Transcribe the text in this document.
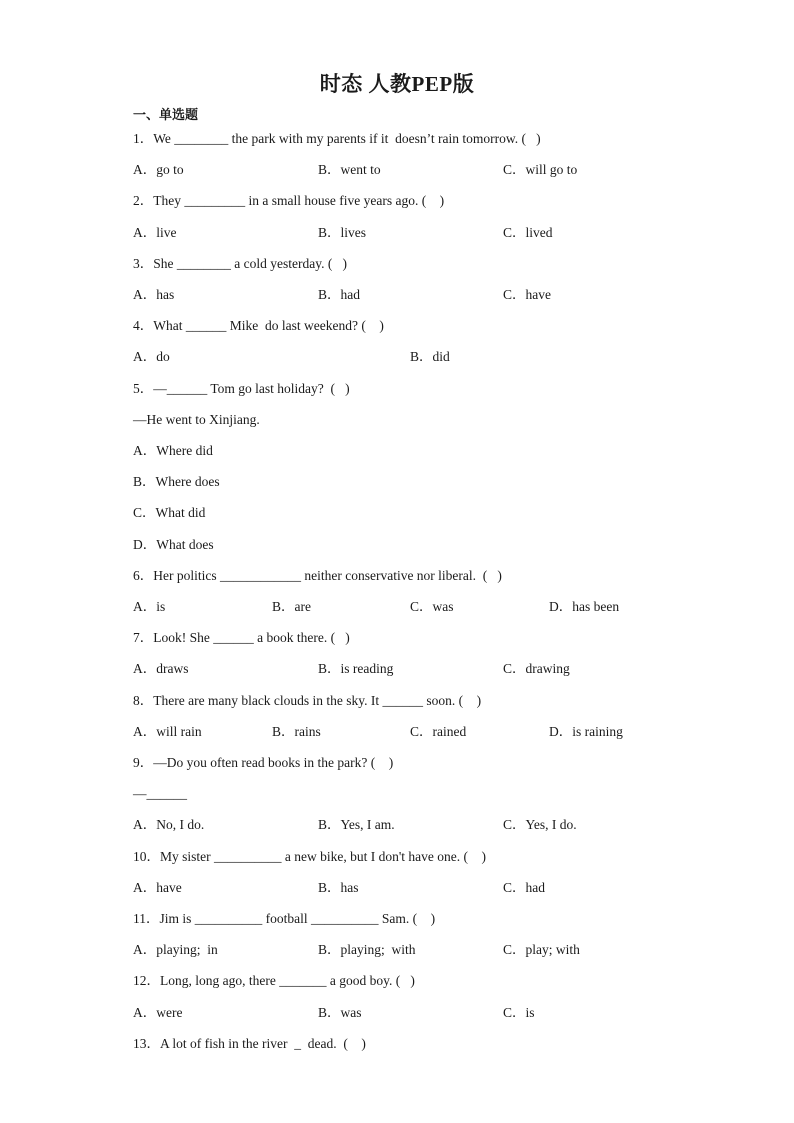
时态 人教PEP版
一、单选题
1．We ________ the park with my parents if it  doesn’t rain tomorrow. (   )
A．go to	B．went to	C．will go to
2．They _________ in a small house five years ago. (    )
A．live	B．lives	C．lived
3．She ________ a cold yesterday. (   )
A．has	B．had	C．have
4．What ______ Mike  do last weekend? (    )
A．do	B．did
5．—______ Tom go last holiday?  (   )
—He went to Xinjiang.
A．Where did
B．Where does
C．What did
D．What does
6．Her politics ____________ neither conservative nor liberal.  (   )
A．is	B．are	C．was	D．has been
7．Look! She ______ a book there. (   )
A．draws	B．is reading	C．drawing
8．There are many black clouds in the sky. It ______ soon. (    )
A．will rain	B．rains	C．rained	D．is raining
9．—Do you often read books in the park? (    )
—______
A．No, I do.	B．Yes, I am.	C．Yes, I do.
10．My sister __________ a new bike, but I don't have one. (    )
A．have	B．has	C．had
11．Jim is __________ football __________ Sam. (    )
A．playing;  in	B．playing;  with	C．play; with
12．Long, long ago, there _______ a good boy. (   )
A．were	B．was	C．is
13．A lot of fish in the river  _  dead.  (    )
